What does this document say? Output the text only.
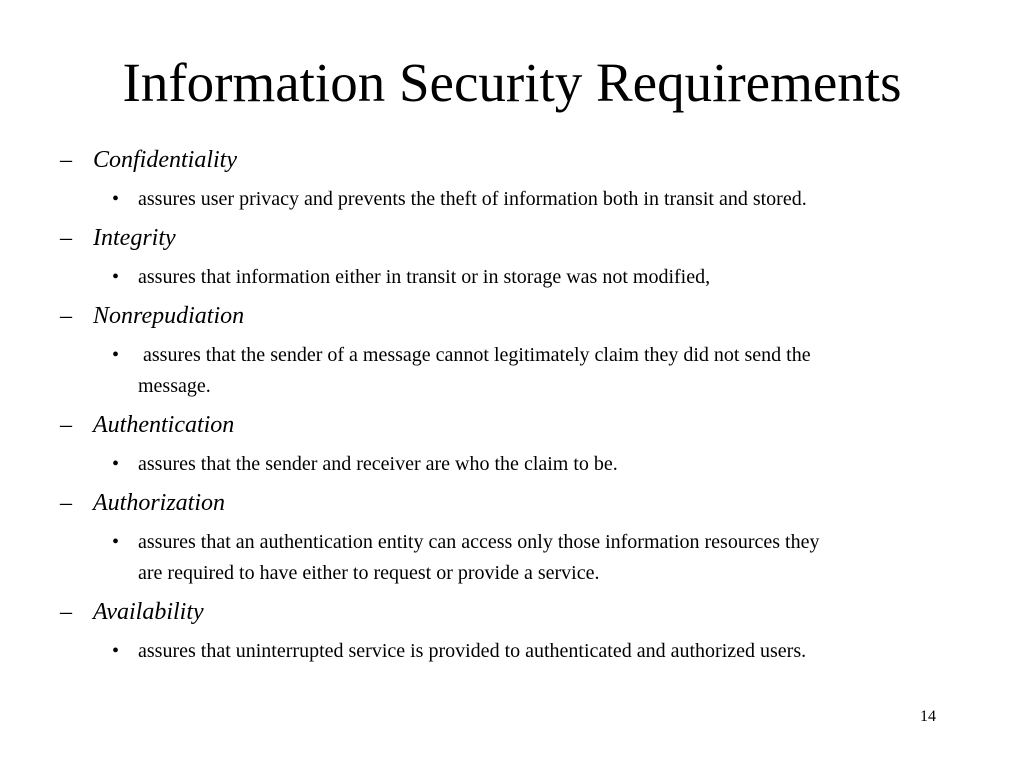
Information Security Requirements
– Confidentiality
• assures user privacy and prevents the theft of information both in transit and stored.
– Integrity
• assures that information either in transit or in storage was not modified,
– Nonrepudiation
• assures that the sender of a message cannot legitimately claim they did not send the
message.
– Authentication
• assures that the sender and receiver are who the claim to be.
– Authorization
• assures that an authentication entity can access only those information resources they
are required to have either to request or provide a service.
– Availability
• assures that uninterrupted service is provided to authenticated and authorized users.
14
